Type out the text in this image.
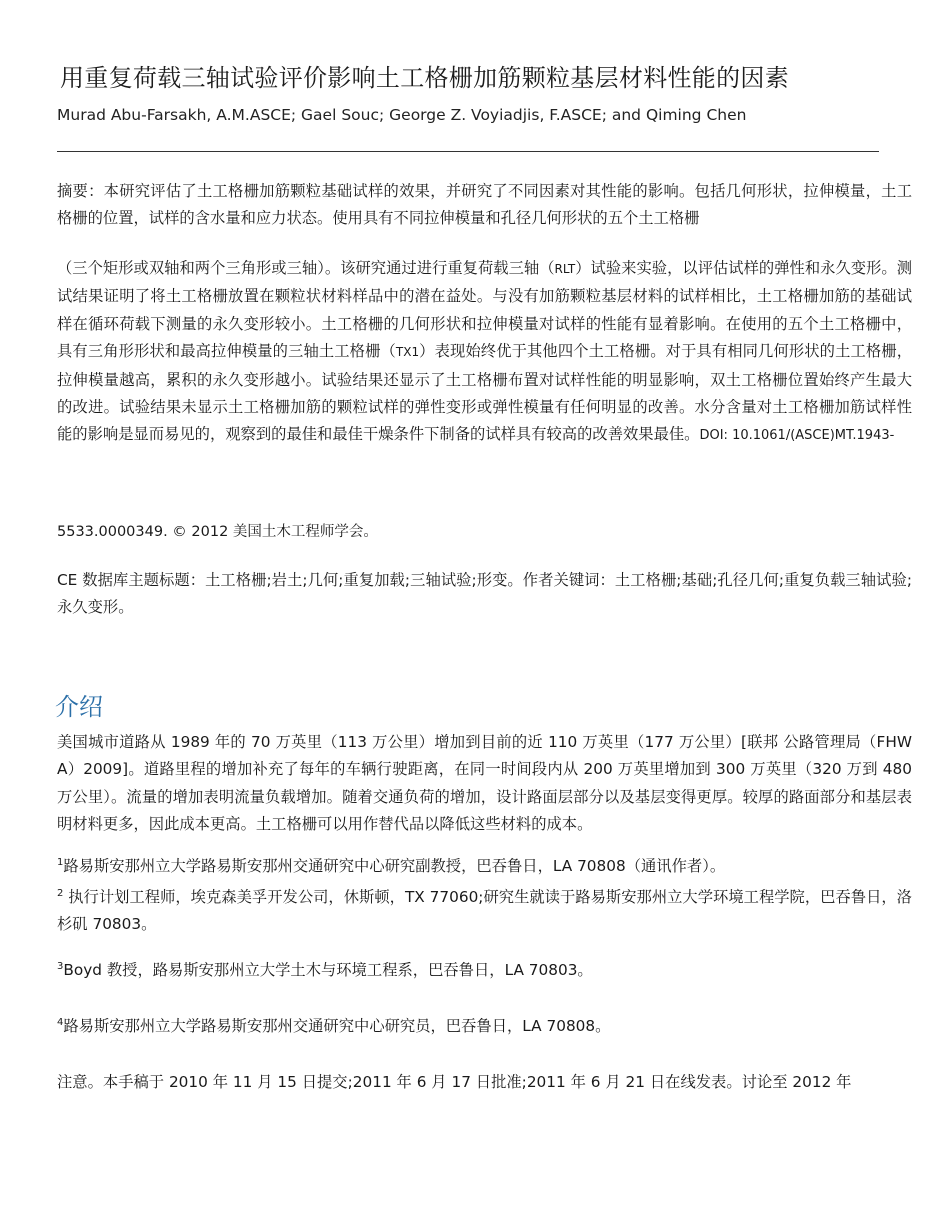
用重复荷载三轴试验评价影响土工格栅加筋颗粒基层材料性能的因素
Murad Abu-Farsakh, A.M.ASCE; Gael Souc; George Z. Voyiadjis, F.ASCE; and Qiming Chen
摘要：本研究评估了土工格栅加筋颗粒基础试样的效果，并研究了不同因素对其性能的影响。包括几何形状，拉伸模量，土工格栅的位置，试样的含水量和应力状态。使用具有不同拉伸模量和孔径几何形状的五个土工格栅
（三个矩形或双轴和两个三角形或三轴）。该研究通过进行重复荷载三轴（RLT）试验来实验，以评估试样的弹性和永久变形。测试结果证明了将土工格栅放置在颗粒状材料样品中的潜在益处。与没有加筋颗粒基层材料的试样相比，土工格栅加筋的基础试样在循环荷载下测量的永久变形较小。土工格栅的几何形状和拉伸模量对试样的性能有显着影响。在使用的五个土工格栅中，具有三角形形状和最高拉伸模量的三轴土工格栅（TX1）表现始终优于其他四个土工格栅。对于具有相同几何形状的土工格栅，拉伸模量越高，累积的永久变形越小。试验结果还显示了土工格栅布置对试样性能的明显影响，双土工格栅位置始终产生最大的改进。试验结果未显示土工格栅加筋的颗粒试样的弹性变形或弹性模量有任何明显的改善。水分含量对土工格栅加筋试样性能的影响是显而易见的，观察到的最佳和最佳干燥条件下制备的试样具有较高的改善效果最佳。DOI: 10.1061/(ASCE)MT.1943-
5533.0000349. © 2012 美国土木工程师学会。
CE 数据库主题标题：土工格栅;岩土;几何;重复加载;三轴试验;形变。作者关键词：土工格栅;基础;孔径几何;重复负载三轴试验;永久变形。
介绍
美国城市道路从 1989 年的 70 万英里（113 万公里）增加到目前的近 110 万英里（177 万公里）[联邦 公路管理局（FHWA）2009]。道路里程的增加补充了每年的车辆行驶距离，在同一时间段内从 200 万英里增加到 300 万英里（320 万到 480 万公里）。流量的增加表明流量负载增加。随着交通负荷的增加，设计路面层部分以及基层变得更厚。较厚的路面部分和基层表明材料更多，因此成本更高。土工格栅可以用作替代品以降低这些材料的成本。
$^1$路易斯安那州立大学路易斯安那州交通研究中心研究副教授，巴吞鲁日，LA 70808（通讯作者）。
$^2$ 执行计划工程师，埃克森美孚开发公司，休斯顿，TX 77060;研究生就读于路易斯安那州立大学环境工程学院，巴吞鲁日，洛杉矶 70803。
$^3$Boyd 教授，路易斯安那州立大学土木与环境工程系，巴吞鲁日，LA 70803。
$^4$路易斯安那州立大学路易斯安那州交通研究中心研究员，巴吞鲁日，LA 70808。
注意。本手稿于 2010 年 11 月 15 日提交;2011 年 6 月 17 日批准;2011 年 6 月 21 日在线发表。讨论至 2012 年
